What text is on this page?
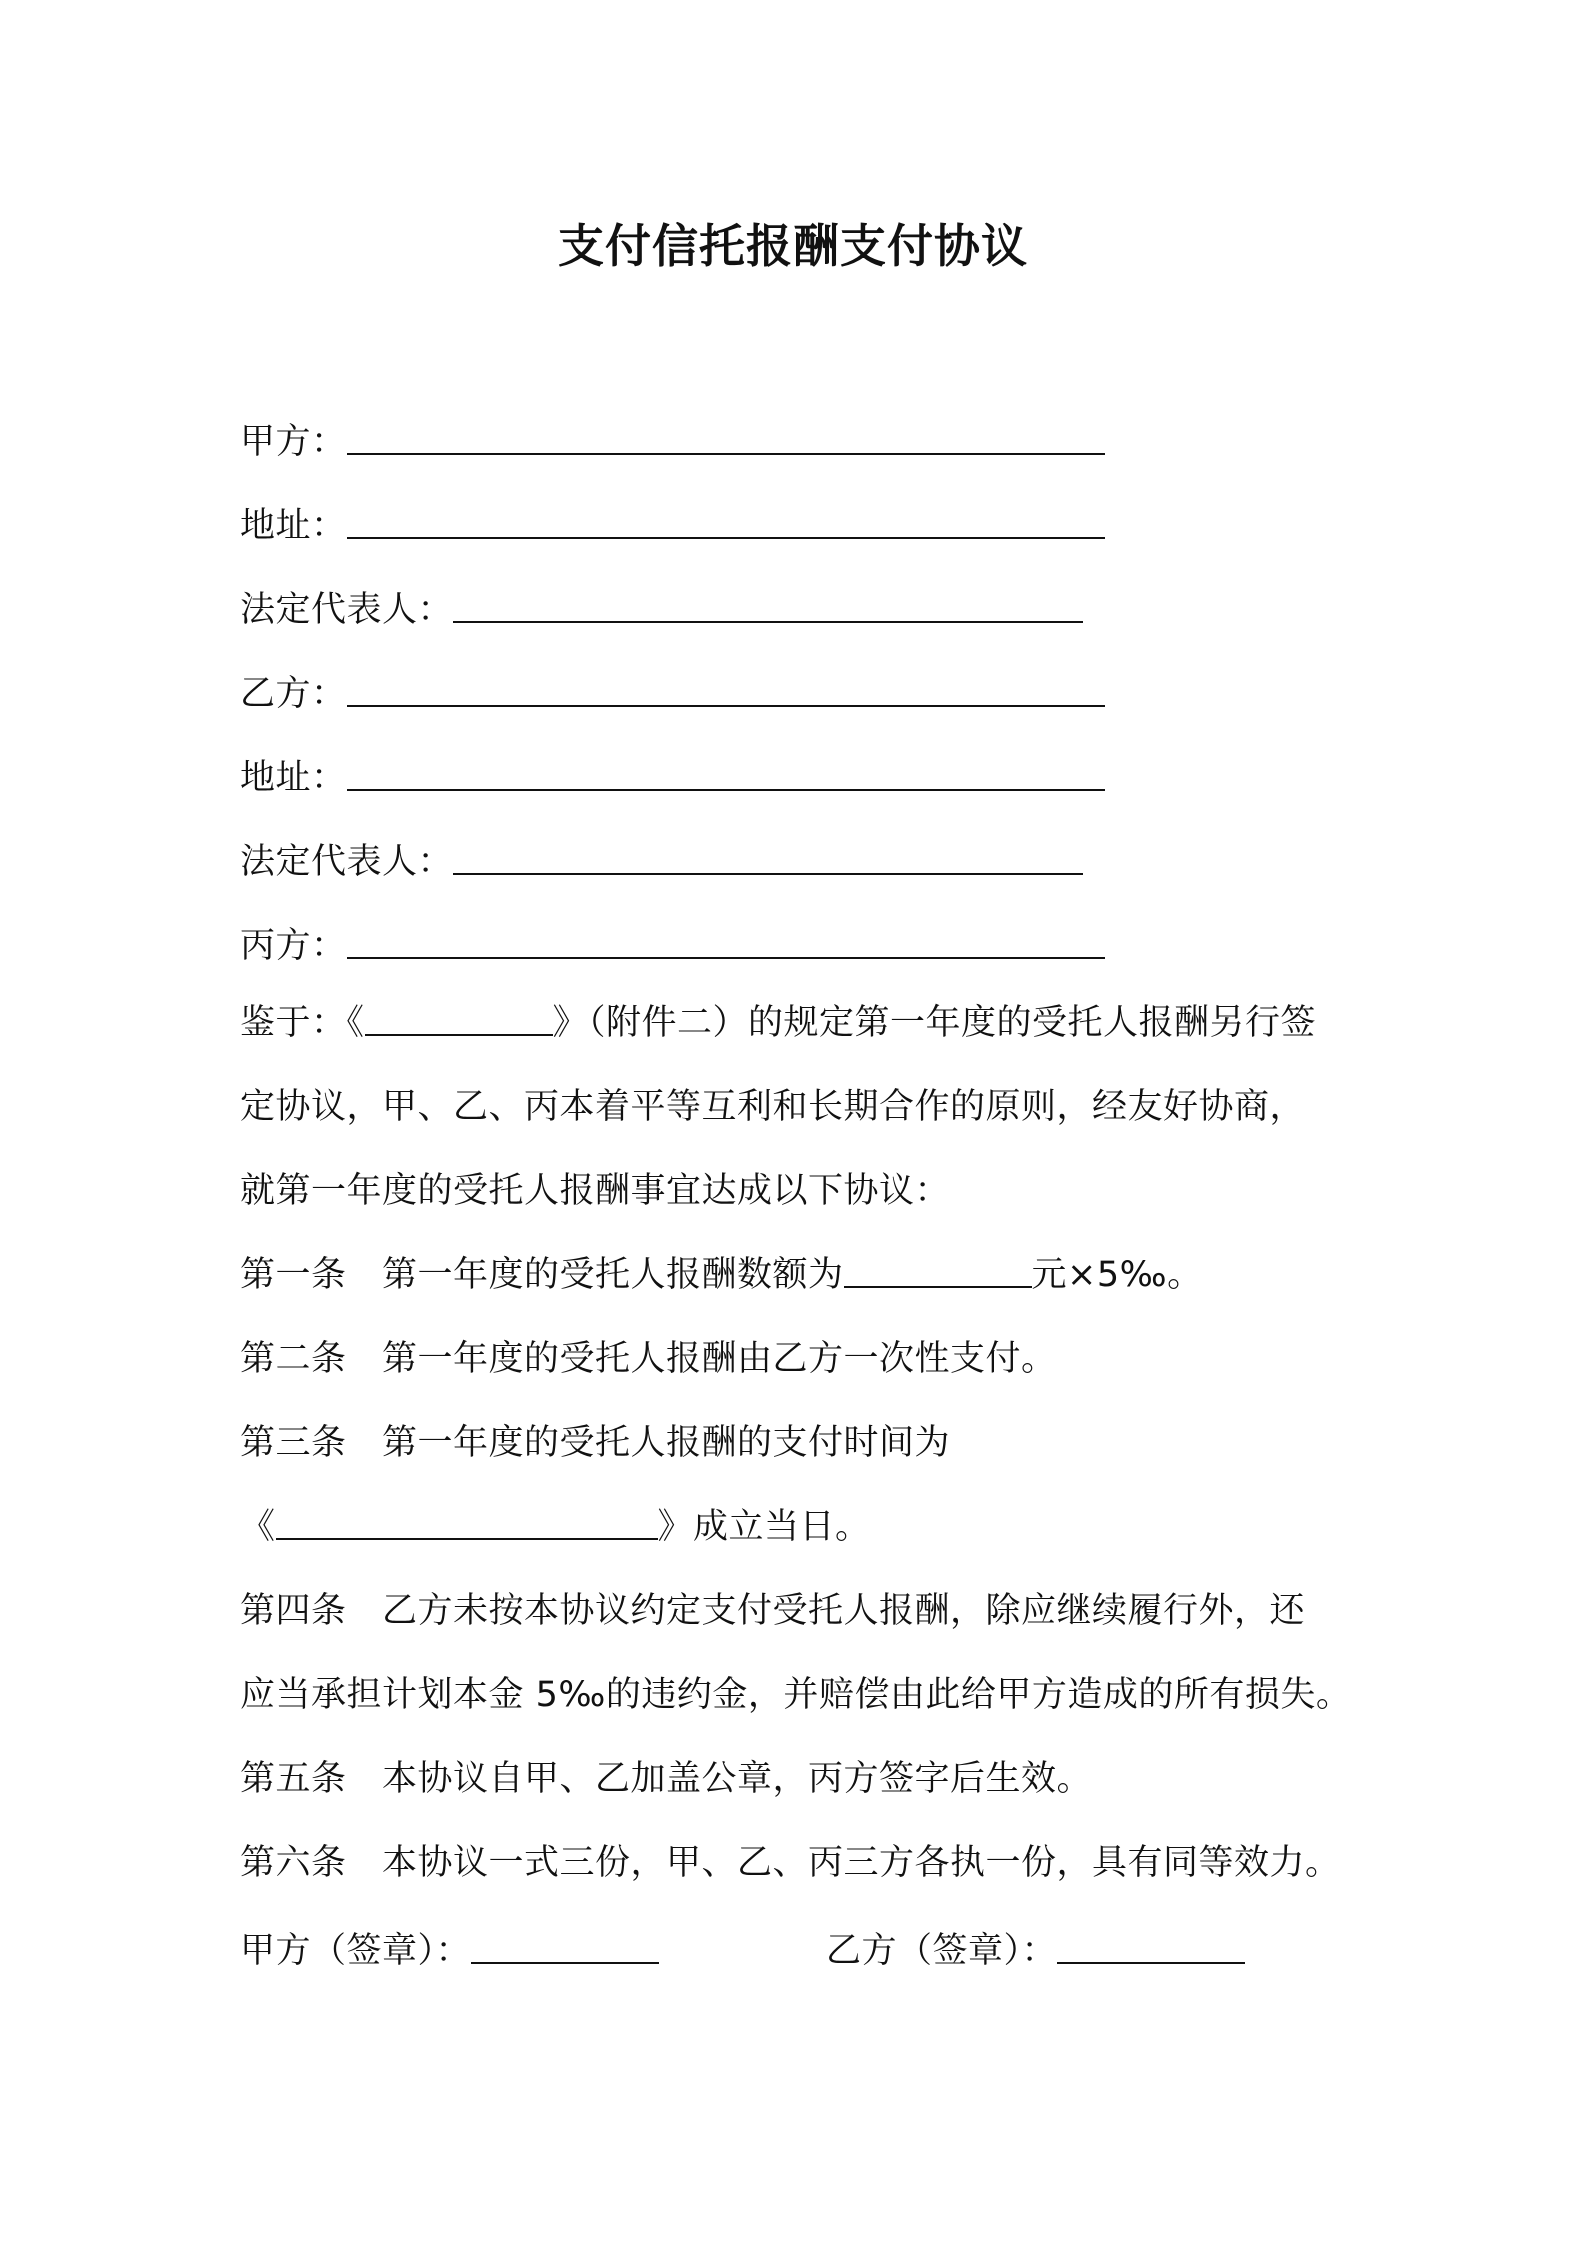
支付信托报酬支付协议
甲方：
地址：
法定代表人：
乙方：
地址：
法定代表人：
丙方：
鉴于：《	》（附件二）的规定第一年度的受托人报酬另行签
定协议，甲、乙、丙本着平等互利和长期合作的原则，经友好协商，
就第一年度的受托人报酬事宜达成以下协议：
第一条　第一年度的受托人报酬数额为	元×5‰。
第二条　第一年度的受托人报酬由乙方一次性支付。
第三条　第一年度的受托人报酬的支付时间为
《	》成立当日。
第四条　乙方未按本协议约定支付受托人报酬，除应继续履行外，还
应当承担计划本金 5‰的违约金，并赔偿由此给甲方造成的所有损失。
第五条　本协议自甲、乙加盖公章，丙方签字后生效。
第六条　本协议一式三份，甲、乙、丙三方各执一份，具有同等效力。
甲方（签章）：	乙方（签章）：
